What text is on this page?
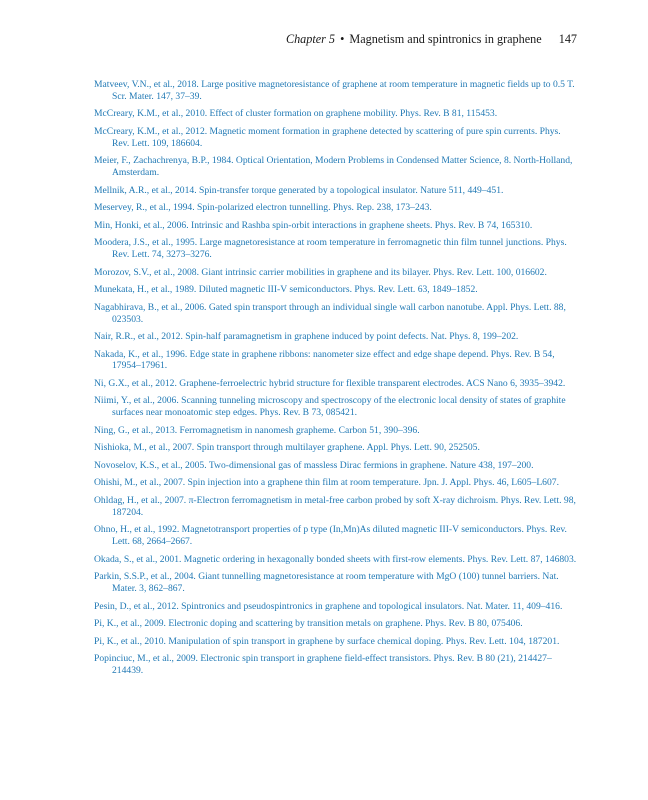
Chapter 5 • Magnetism and spintronics in graphene 147
Matveev, V.N., et al., 2018. Large positive magnetoresistance of graphene at room temperature in magnetic fields up to 0.5 T. Scr. Mater. 147, 37–39.
McCreary, K.M., et al., 2010. Effect of cluster formation on graphene mobility. Phys. Rev. B 81, 115453.
McCreary, K.M., et al., 2012. Magnetic moment formation in graphene detected by scattering of pure spin currents. Phys. Rev. Lett. 109, 186604.
Meier, F., Zachachrenya, B.P., 1984. Optical Orientation, Modern Problems in Condensed Matter Science, 8. North-Holland, Amsterdam.
Mellnik, A.R., et al., 2014. Spin-transfer torque generated by a topological insulator. Nature 511, 449–451.
Meservey, R., et al., 1994. Spin-polarized electron tunnelling. Phys. Rep. 238, 173–243.
Min, Honki, et al., 2006. Intrinsic and Rashba spin-orbit interactions in graphene sheets. Phys. Rev. B 74, 165310.
Moodera, J.S., et al., 1995. Large magnetoresistance at room temperature in ferromagnetic thin film tunnel junctions. Phys. Rev. Lett. 74, 3273–3276.
Morozov, S.V., et al., 2008. Giant intrinsic carrier mobilities in graphene and its bilayer. Phys. Rev. Lett. 100, 016602.
Munekata, H., et al., 1989. Diluted magnetic III-V semiconductors. Phys. Rev. Lett. 63, 1849–1852.
Nagabhirava, B., et al., 2006. Gated spin transport through an individual single wall carbon nanotube. Appl. Phys. Lett. 88, 023503.
Nair, R.R., et al., 2012. Spin-half paramagnetism in graphene induced by point defects. Nat. Phys. 8, 199–202.
Nakada, K., et al., 1996. Edge state in graphene ribbons: nanometer size effect and edge shape depend. Phys. Rev. B 54, 17954–17961.
Ni, G.X., et al., 2012. Graphene-ferroelectric hybrid structure for flexible transparent electrodes. ACS Nano 6, 3935–3942.
Niimi, Y., et al., 2006. Scanning tunneling microscopy and spectroscopy of the electronic local density of states of graphite surfaces near monoatomic step edges. Phys. Rev. B 73, 085421.
Ning, G., et al., 2013. Ferromagnetism in nanomesh grapheme. Carbon 51, 390–396.
Nishioka, M., et al., 2007. Spin transport through multilayer graphene. Appl. Phys. Lett. 90, 252505.
Novoselov, K.S., et al., 2005. Two-dimensional gas of massless Dirac fermions in graphene. Nature 438, 197–200.
Ohishi, M., et al., 2007. Spin injection into a graphene thin film at room temperature. Jpn. J. Appl. Phys. 46, L605–L607.
Ohldag, H., et al., 2007. π-Electron ferromagnetism in metal-free carbon probed by soft X-ray dichroism. Phys. Rev. Lett. 98, 187204.
Ohno, H., et al., 1992. Magnetotransport properties of p type (In,Mn)As diluted magnetic III-V semiconductors. Phys. Rev. Lett. 68, 2664–2667.
Okada, S., et al., 2001. Magnetic ordering in hexagonally bonded sheets with first-row elements. Phys. Rev. Lett. 87, 146803.
Parkin, S.S.P., et al., 2004. Giant tunnelling magnetoresistance at room temperature with MgO (100) tunnel barriers. Nat. Mater. 3, 862–867.
Pesin, D., et al., 2012. Spintronics and pseudospintronics in graphene and topological insulators. Nat. Mater. 11, 409–416.
Pi, K., et al., 2009. Electronic doping and scattering by transition metals on graphene. Phys. Rev. B 80, 075406.
Pi, K., et al., 2010. Manipulation of spin transport in graphene by surface chemical doping. Phys. Rev. Lett. 104, 187201.
Popinciuc, M., et al., 2009. Electronic spin transport in graphene field-effect transistors. Phys. Rev. B 80 (21), 214427–214439.
